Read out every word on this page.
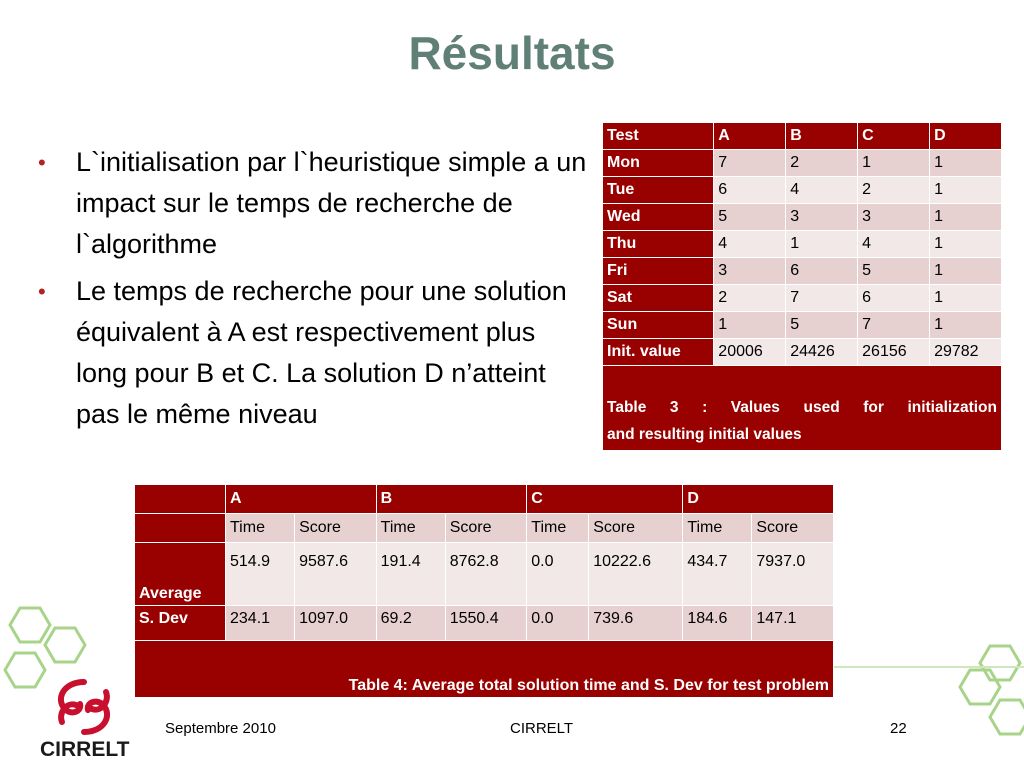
Résultats
• L`initialisation par l`heuristique simple a un impact sur le temps de recherche de l`algorithme
• Le temps de recherche pour une solution équivalent à A est respectivement plus long pour B et C. La solution D n’atteint pas le même niveau
Test	A	B	C	D
Mon	7	2	1	1
Tue	6	4	2	1
Wed	5	3	3	1
Thu	4	1	4	1
Fri	3	6	5	1
Sat	2	7	6	1
Sun	1	5	7	1
Init. value	20006	24426	26156	29782

Table 3 : Values used for initialization
and resulting initial values				
	A		B		C		D	
	Time	Score	Time	Score	Time	Score	Time	Score
Average	514.9	9587.6	191.4	8762.8	0.0	10222.6	434.7	7937.0
S. Dev	234.1	1097.0	69.2	1550.4	0.0	739.6	184.6	147.1
Table 4: Average total solution time and S. Dev for test problem								
CIRRELT
Septembre 2010	CIRRELT	22
